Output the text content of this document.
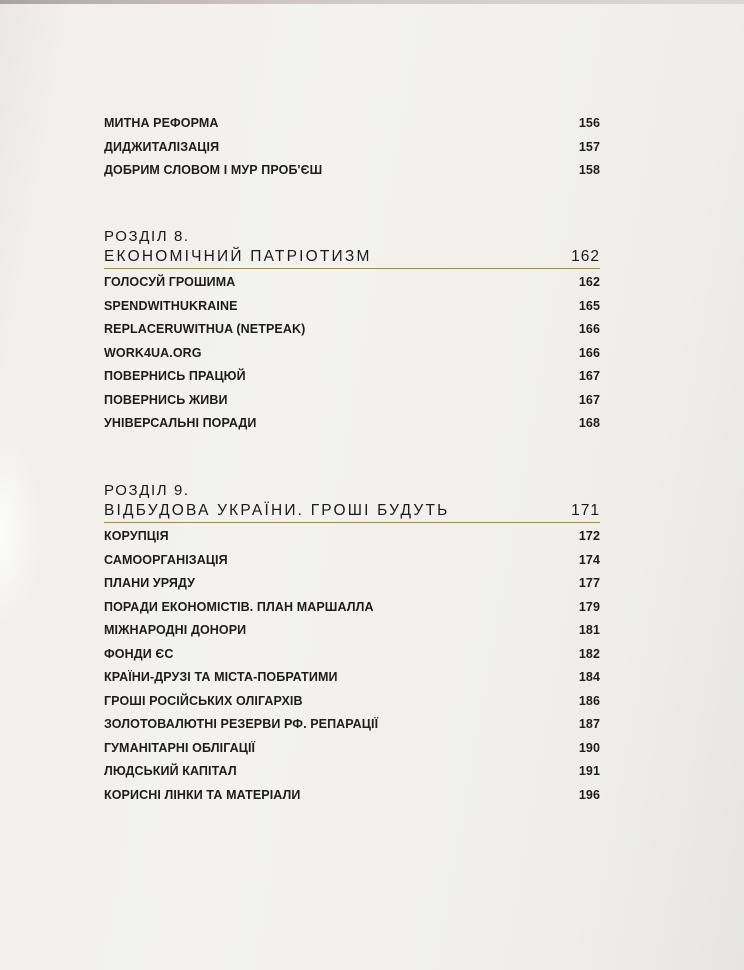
МИТНА РЕФОРМА	156
ДИДЖИТАЛІЗАЦІЯ	157
ДОБРИМ СЛОВОМ І МУР ПРОБ'ЄШ	158
РОЗДІЛ 8.
ЕКОНОМІЧНИЙ ПАТРІОТИЗМ	162
ГОЛОСУЙ ГРОШИМА	162
SPENDWITHUKRAINE	165
REPLACERUWITHUA (NETPEAK)	166
WORK4UA.ORG	166
ПОВЕРНИСЬ ПРАЦЮЙ	167
ПОВЕРНИСЬ ЖИВИ	167
УНІВЕРСАЛЬНІ ПОРАДИ	168
РОЗДІЛ 9.
ВІДБУДОВА УКРАЇНИ. ГРОШІ БУДУТЬ	171
КОРУПЦІЯ	172
САМООРГАНІЗАЦІЯ	174
ПЛАНИ УРЯДУ	177
ПОРАДИ ЕКОНОМІСТІВ. ПЛАН МАРШАЛЛА	179
МІЖНАРОДНІ ДОНОРИ	181
ФОНДИ ЄС	182
КРАЇНИ-ДРУЗІ ТА МІСТА-ПОБРАТИМИ	184
ГРОШІ РОСІЙСЬКИХ ОЛІГАРХІВ	186
ЗОЛОТОВАЛЮТНІ РЕЗЕРВИ РФ. РЕПАРАЦІЇ	187
ГУМАНІТАРНІ ОБЛІГАЦІЇ	190
ЛЮДСЬКИЙ КАПІТАЛ	191
КОРИСНІ ЛІНКИ ТА МАТЕРІАЛИ	196
